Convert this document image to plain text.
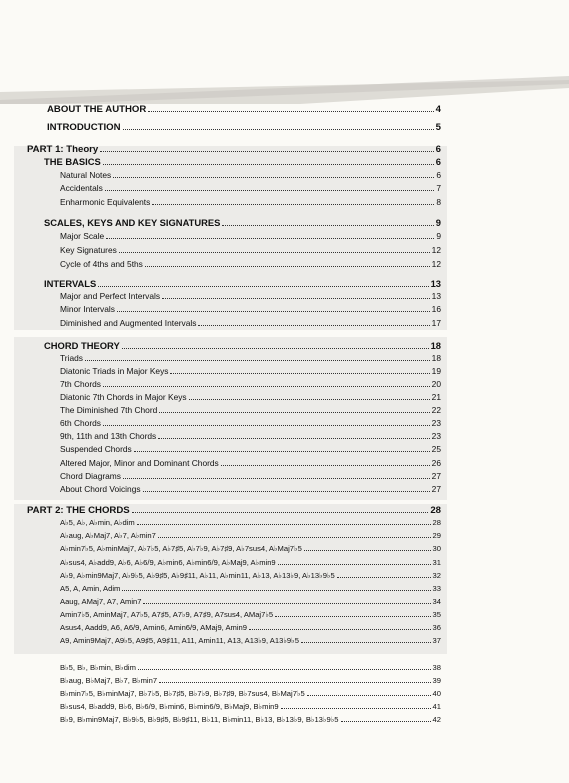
ABOUT THE AUTHOR	4
INTRODUCTION	5
PART 1: Theory	6
THE BASICS	6
Natural Notes	6
Accidentals	7
Enharmonic Equivalents	8
SCALES, KEYS AND KEY SIGNATURES	9
Major Scale	9
Key Signatures	12
Cycle of 4ths and 5ths	12
INTERVALS	13
Major and Perfect Intervals	13
Minor Intervals	16
Diminished and Augmented Intervals	17
CHORD THEORY	18
Triads	18
Diatonic Triads in Major Keys	19
7th Chords	20
Diatonic 7th Chords in Major Keys	21
The Diminished 7th Chord	22
6th Chords	23
9th, 11th and 13th Chords	23
Suspended Chords	25
Altered Major, Minor and Dominant Chords	26
Chord Diagrams	27
About Chord Voicings	27
PART 2: THE CHORDS	28
A♭5, A♭, A♭min, A♭dim	28
A♭aug, A♭Maj7, A♭7, A♭min7	29
A♭min7♭5, A♭minMaj7, A♭7♭5, A♭7♯5, A♭7♭9, A♭7♯9, A♭7sus4, A♭Maj7♭5	30
A♭sus4, A♭add9, A♭6, A♭6/9, A♭min6, A♭min6/9, A♭Maj9, A♭min9	31
A♭9, A♭min9Maj7, A♭9♭5, A♭9♯5, A♭9♯11, A♭11, A♭min11, A♭13, A♭13♭9, A♭13♭9♭5	32
A5, A, Amin, Adim	33
Aaug, AMaj7, A7, Amin7	34
Amin7♭5, AminMaj7, A7♭5, A7♯5, A7♭9, A7♯9, A7sus4, AMaj7♭5	35
Asus4, Aadd9, A6, A6/9, Amin6, Amin6/9, AMaj9, Amin9	36
A9, Amin9Maj7, A9♭5, A9♯5, A9♯11, A11, Amin11, A13, A13♭9, A13♭9♭5	37
B♭5, B♭, B♭min, B♭dim	38
B♭aug, B♭Maj7, B♭7, B♭min7	39
B♭min7♭5, B♭minMaj7, B♭7♭5, B♭7♯5, B♭7♭9, B♭7♯9, B♭7sus4, B♭Maj7♭5	40
B♭sus4, B♭add9, B♭6, B♭6/9, B♭min6, B♭min6/9, B♭Maj9, B♭min9	41
B♭9, B♭min9Maj7, B♭9♭5, B♭9♯5, B♭9♯11, B♭11, B♭min11, B♭13, B♭13♭9, B♭13♭9♭5	42
